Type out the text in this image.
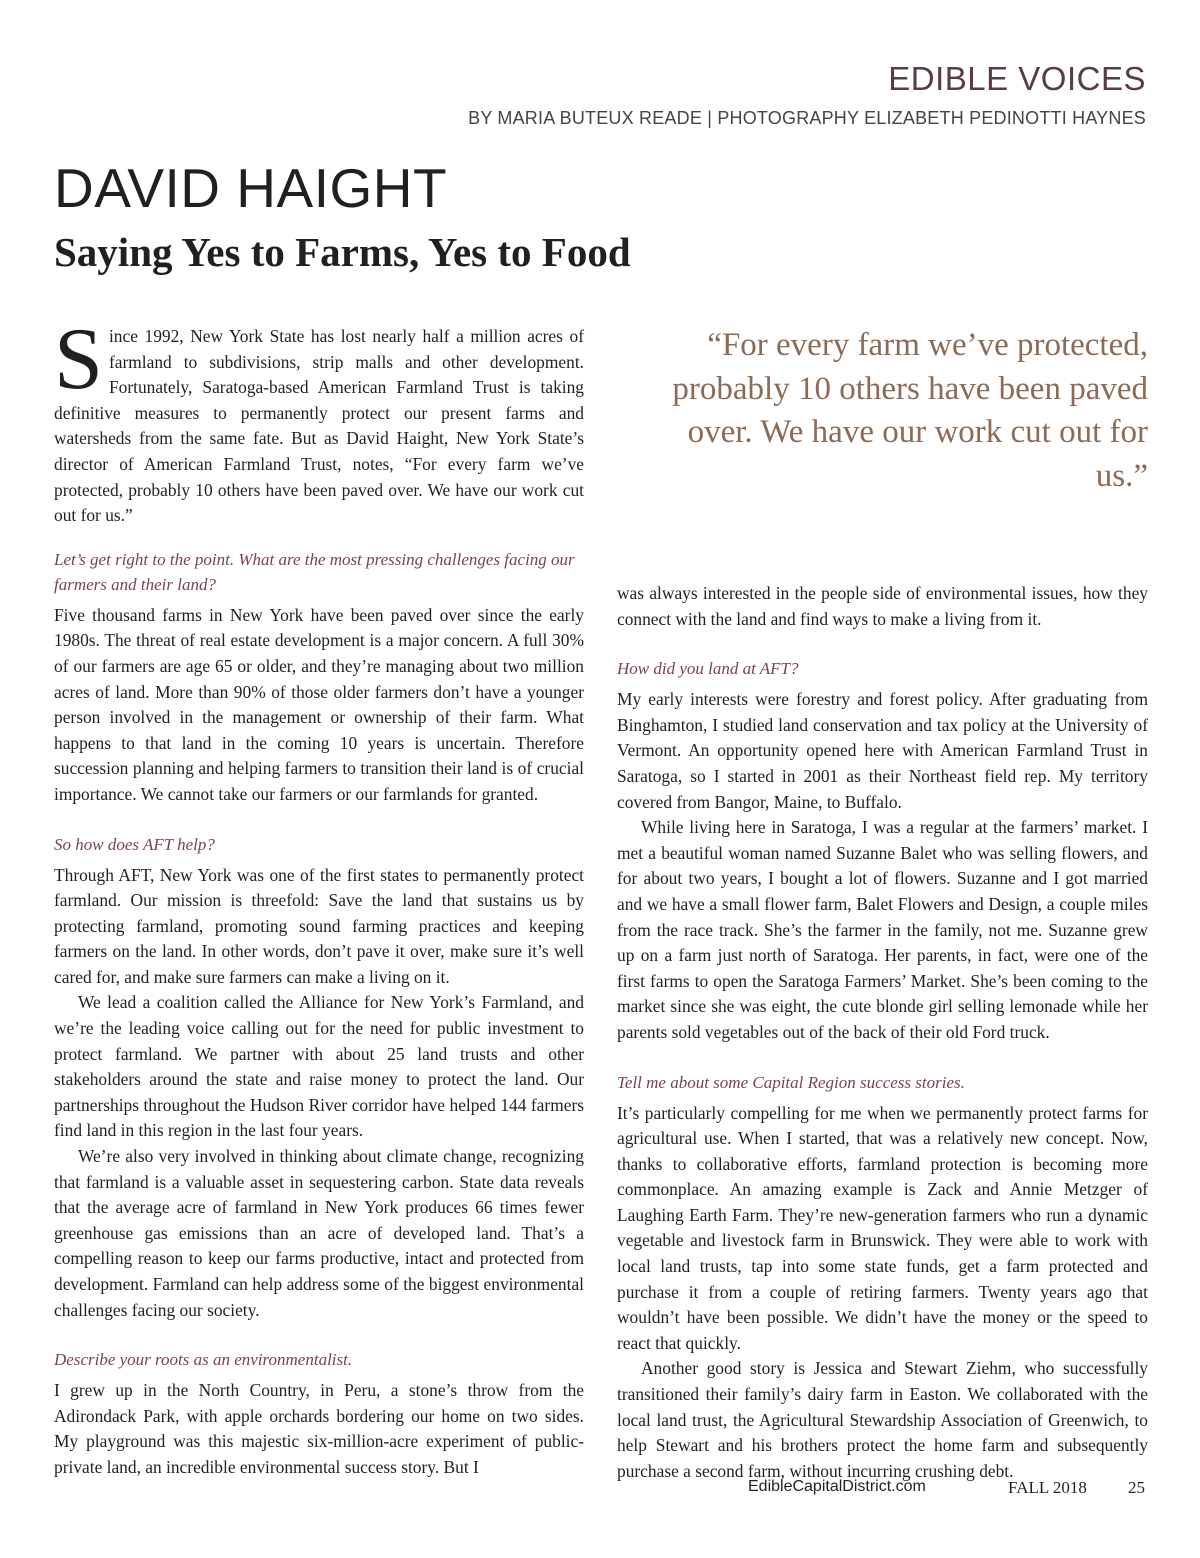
EDIBLE VOICES
BY MARIA BUTEUX READE | PHOTOGRAPHY ELIZABETH PEDINOTTI HAYNES
DAVID HAIGHT
Saying Yes to Farms, Yes to Food

Since 1992, New York State has lost nearly half a million acres of farmland to subdivisions, strip malls and other development. Fortunately, Saratoga-based American Farmland Trust is taking definitive measures to permanently protect our present farms and watersheds from the same fate. But as David Haight, New York State’s director of American Farmland Trust, notes, “For every farm we’ve protected, probably 10 others have been paved over. We have our work cut out for us.”

Let’s get right to the point. What are the most pressing challenges facing our farmers and their land?

Five thousand farms in New York have been paved over since the early 1980s. The threat of real estate development is a major concern. A full 30% of our farmers are age 65 or older, and they’re managing about two million acres of land. More than 90% of those older farmers don’t have a younger person involved in the management or ownership of their farm. What happens to that land in the coming 10 years is uncertain. Therefore succession planning and helping farmers to transition their land is of crucial importance. We cannot take our farmers or our farmlands for granted.

So how does AFT help?

Through AFT, New York was one of the first states to permanently protect farmland. Our mission is threefold: Save the land that sustains us by protecting farmland, promoting sound farming practices and keeping farmers on the land. In other words, don’t pave it over, make sure it’s well cared for, and make sure farmers can make a living on it.

We lead a coalition called the Alliance for New York’s Farmland, and we’re the leading voice calling out for the need for public investment to protect farmland. We partner with about 25 land trusts and other stakeholders around the state and raise money to protect the land. Our partnerships throughout the Hudson River corridor have helped 144 farmers find land in this region in the last four years.

We’re also very involved in thinking about climate change, recognizing that farmland is a valuable asset in sequestering carbon. State data reveals that the average acre of farmland in New York produces 66 times fewer greenhouse gas emissions than an acre of developed land. That’s a compelling reason to keep our farms productive, intact and protected from development. Farmland can help address some of the biggest environmental challenges facing our society.

Describe your roots as an environmentalist.

I grew up in the North Country, in Peru, a stone’s throw from the Adirondack Park, with apple orchards bordering our home on two sides. My playground was this majestic six-million-acre experiment of public-private land, an incredible environmental success story. But I

“For every farm we’ve protected, probably 10 others have been paved over. We have our work cut out for us.”

was always interested in the people side of environmental issues, how they connect with the land and find ways to make a living from it.

How did you land at AFT?

My early interests were forestry and forest policy. After graduating from Binghamton, I studied land conservation and tax policy at the University of Vermont. An opportunity opened here with American Farmland Trust in Saratoga, so I started in 2001 as their Northeast field rep. My territory covered from Bangor, Maine, to Buffalo.

While living here in Saratoga, I was a regular at the farmers’ market. I met a beautiful woman named Suzanne Balet who was selling flowers, and for about two years, I bought a lot of flowers. Suzanne and I got married and we have a small flower farm, Balet Flowers and Design, a couple miles from the race track. She’s the farmer in the family, not me. Suzanne grew up on a farm just north of Saratoga. Her parents, in fact, were one of the first farms to open the Saratoga Farmers’ Market. She’s been coming to the market since she was eight, the cute blonde girl selling lemonade while her parents sold vegetables out of the back of their old Ford truck.

Tell me about some Capital Region success stories.

It’s particularly compelling for me when we permanently protect farms for agricultural use. When I started, that was a relatively new concept. Now, thanks to collaborative efforts, farmland protection is becoming more commonplace. An amazing example is Zack and Annie Metzger of Laughing Earth Farm. They’re new-generation farmers who run a dynamic vegetable and livestock farm in Brunswick. They were able to work with local land trusts, tap into some state funds, get a farm protected and purchase it from a couple of retiring farmers. Twenty years ago that wouldn’t have been possible. We didn’t have the money or the speed to react that quickly.

Another good story is Jessica and Stewart Ziehm, who successfully transitioned their family’s dairy farm in Easton. We collaborated with the local land trust, the Agricultural Stewardship Association of Greenwich, to help Stewart and his brothers protect the home farm and subsequently purchase a second farm, without incurring crushing debt.

EdibleCapitalDistrict.com	FALL 2018 25
